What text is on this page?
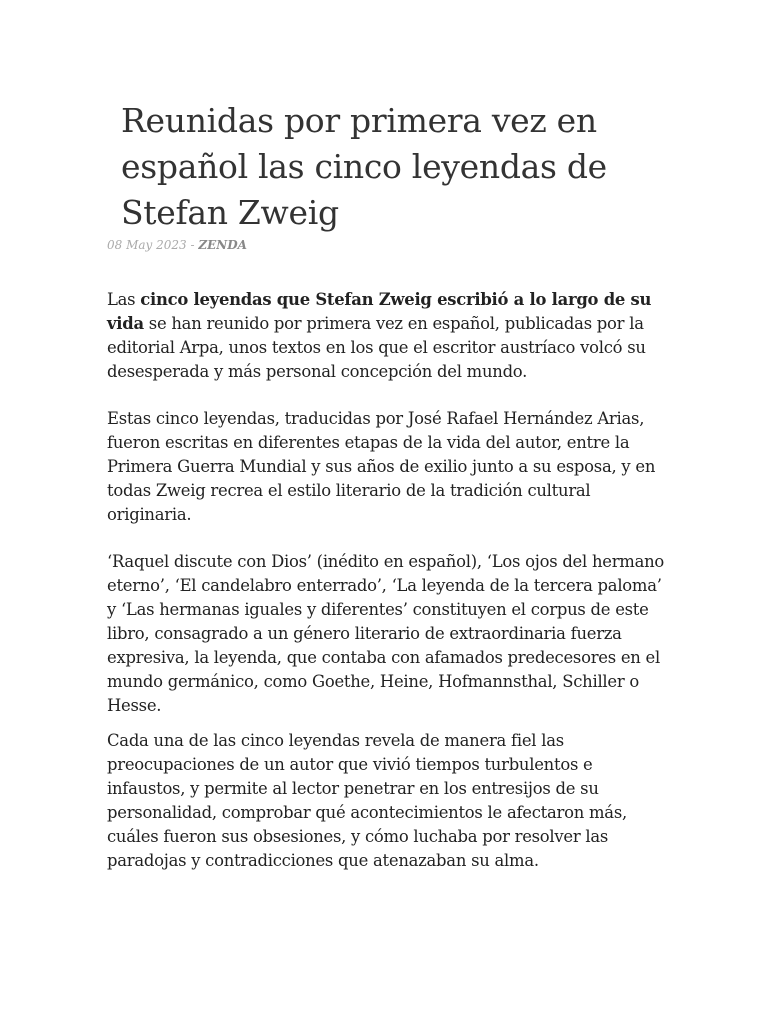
Reunidas por primera vez en español las cinco leyendas de Stefan Zweig
08 May 2023 - ZENDA

Las cinco leyendas que Stefan Zweig escribió a lo largo de su vida se han reunido por primera vez en español, publicadas por la editorial Arpa, unos textos en los que el escritor austríaco volcó su desesperada y más personal concepción del mundo.

Estas cinco leyendas, traducidas por José Rafael Hernández Arias, fueron escritas en diferentes etapas de la vida del autor, entre la Primera Guerra Mundial y sus años de exilio junto a su esposa, y en todas Zweig recrea el estilo literario de la tradición cultural originaria.

‘Raquel discute con Dios’ (inédito en español), ‘Los ojos del hermano eterno’, ‘El candelabro enterrado’, ‘La leyenda de la tercera paloma’ y ‘Las hermanas iguales y diferentes’ constituyen el corpus de este libro, consagrado a un género literario de extraordinaria fuerza expresiva, la leyenda, que contaba con afamados predecesores en el mundo germánico, como Goethe, Heine, Hofmannsthal, Schiller o Hesse.

Cada una de las cinco leyendas revela de manera fiel las preocupaciones de un autor que vivió tiempos turbulentos e infaustos, y permite al lector penetrar en los entresijos de su personalidad, comprobar qué acontecimientos le afectaron más, cuáles fueron sus obsesiones, y cómo luchaba por resolver las paradojas y contradicciones que atenazaban su alma.
